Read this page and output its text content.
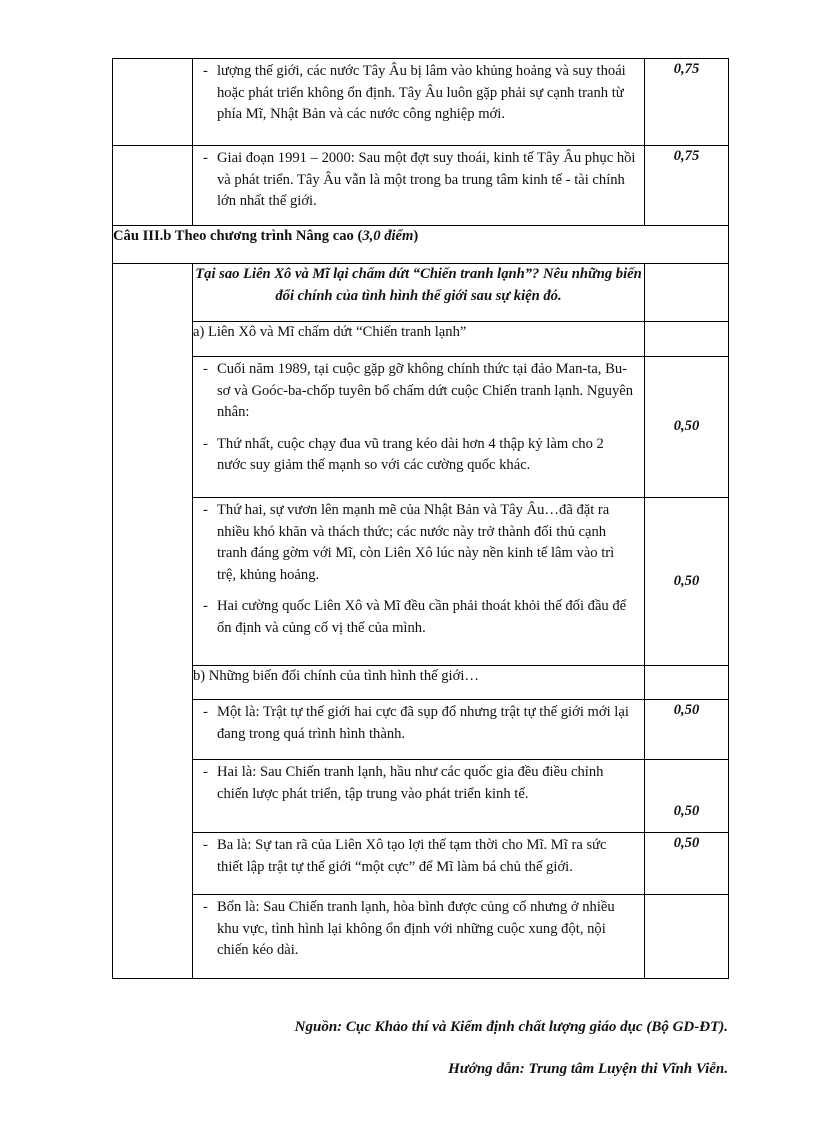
	- lượng thế giới, các nước Tây Âu bị lâm vào khủng hoảng và suy thoái hoặc phát triển không ổn định. Tây Âu luôn gặp phải sự cạnh tranh từ phía Mĩ, Nhật Bản và các nước công nghiệp mới.	0,75

	- Giai đoạn 1991 – 2000: Sau một đợt suy thoái, kinh tế Tây Âu phục hồi và phát triển. Tây Âu vẫn là một trong ba trung tâm kinh tế - tài chính lớn nhất thế giới.	0,75
Câu III.b Theo chương trình Nâng cao (3,0 điểm)		
	Tại sao Liên Xô và Mĩ lại chấm dứt “Chiến tranh lạnh”? Nêu những biến đổi chính của tình hình thế giới sau sự kiện đó.	
	a) Liên Xô và Mĩ chấm dứt “Chiến tranh lạnh”	

	- Cuối năm 1989, tại cuộc gặp gỡ không chính thức tại đảo Man-ta, Bu-sơ và Goóc-ba-chốp tuyên bố chấm dứt cuộc Chiến tranh lạnh. Nguyên nhân:

- Thứ nhất, cuộc chạy đua vũ trang kéo dài hơn 4 thập kỷ làm cho 2 nước suy giảm thế mạnh so với các cường quốc khác.	0,50

	- Thứ hai, sự vươn lên mạnh mẽ của Nhật Bản và Tây Âu…đã đặt ra nhiều khó khăn và thách thức; các nước này trở thành đối thủ cạnh tranh đáng gờm với Mĩ, còn Liên Xô lúc này nền kinh tế lâm vào trì trệ, khủng hoảng.

- Hai cường quốc Liên Xô và Mĩ đều cần phải thoát khỏi thế đối đầu để ổn định và củng cố vị thế của mình.	0,50
	b) Những biến đổi chính của tình hình thế giới…	

	- Một là: Trật tự thế giới hai cực đã sụp đổ nhưng trật tự thế giới mới lại đang trong quá trình hình thành.	0,50

	- Hai là: Sau Chiến tranh lạnh, hầu như các quốc gia đều điều chỉnh chiến lược phát triển, tập trung vào phát triển kinh tế.	0,50

	- Ba là: Sự tan rã của Liên Xô tạo lợi thế tạm thời cho Mĩ. Mĩ ra sức thiết lập trật tự thế giới “một cực” để Mĩ làm bá chủ thế giới.	0,50

	- Bốn là: Sau Chiến tranh lạnh, hòa bình được củng cố nhưng ở nhiều khu vực, tình hình lại không ổn định với những cuộc xung đột, nội chiến kéo dài.

Nguồn: Cục Khảo thí và Kiểm định chất lượng giáo dục (Bộ GD-ĐT).
Hướng dẫn: Trung tâm Luyện thi Vĩnh Viễn.
